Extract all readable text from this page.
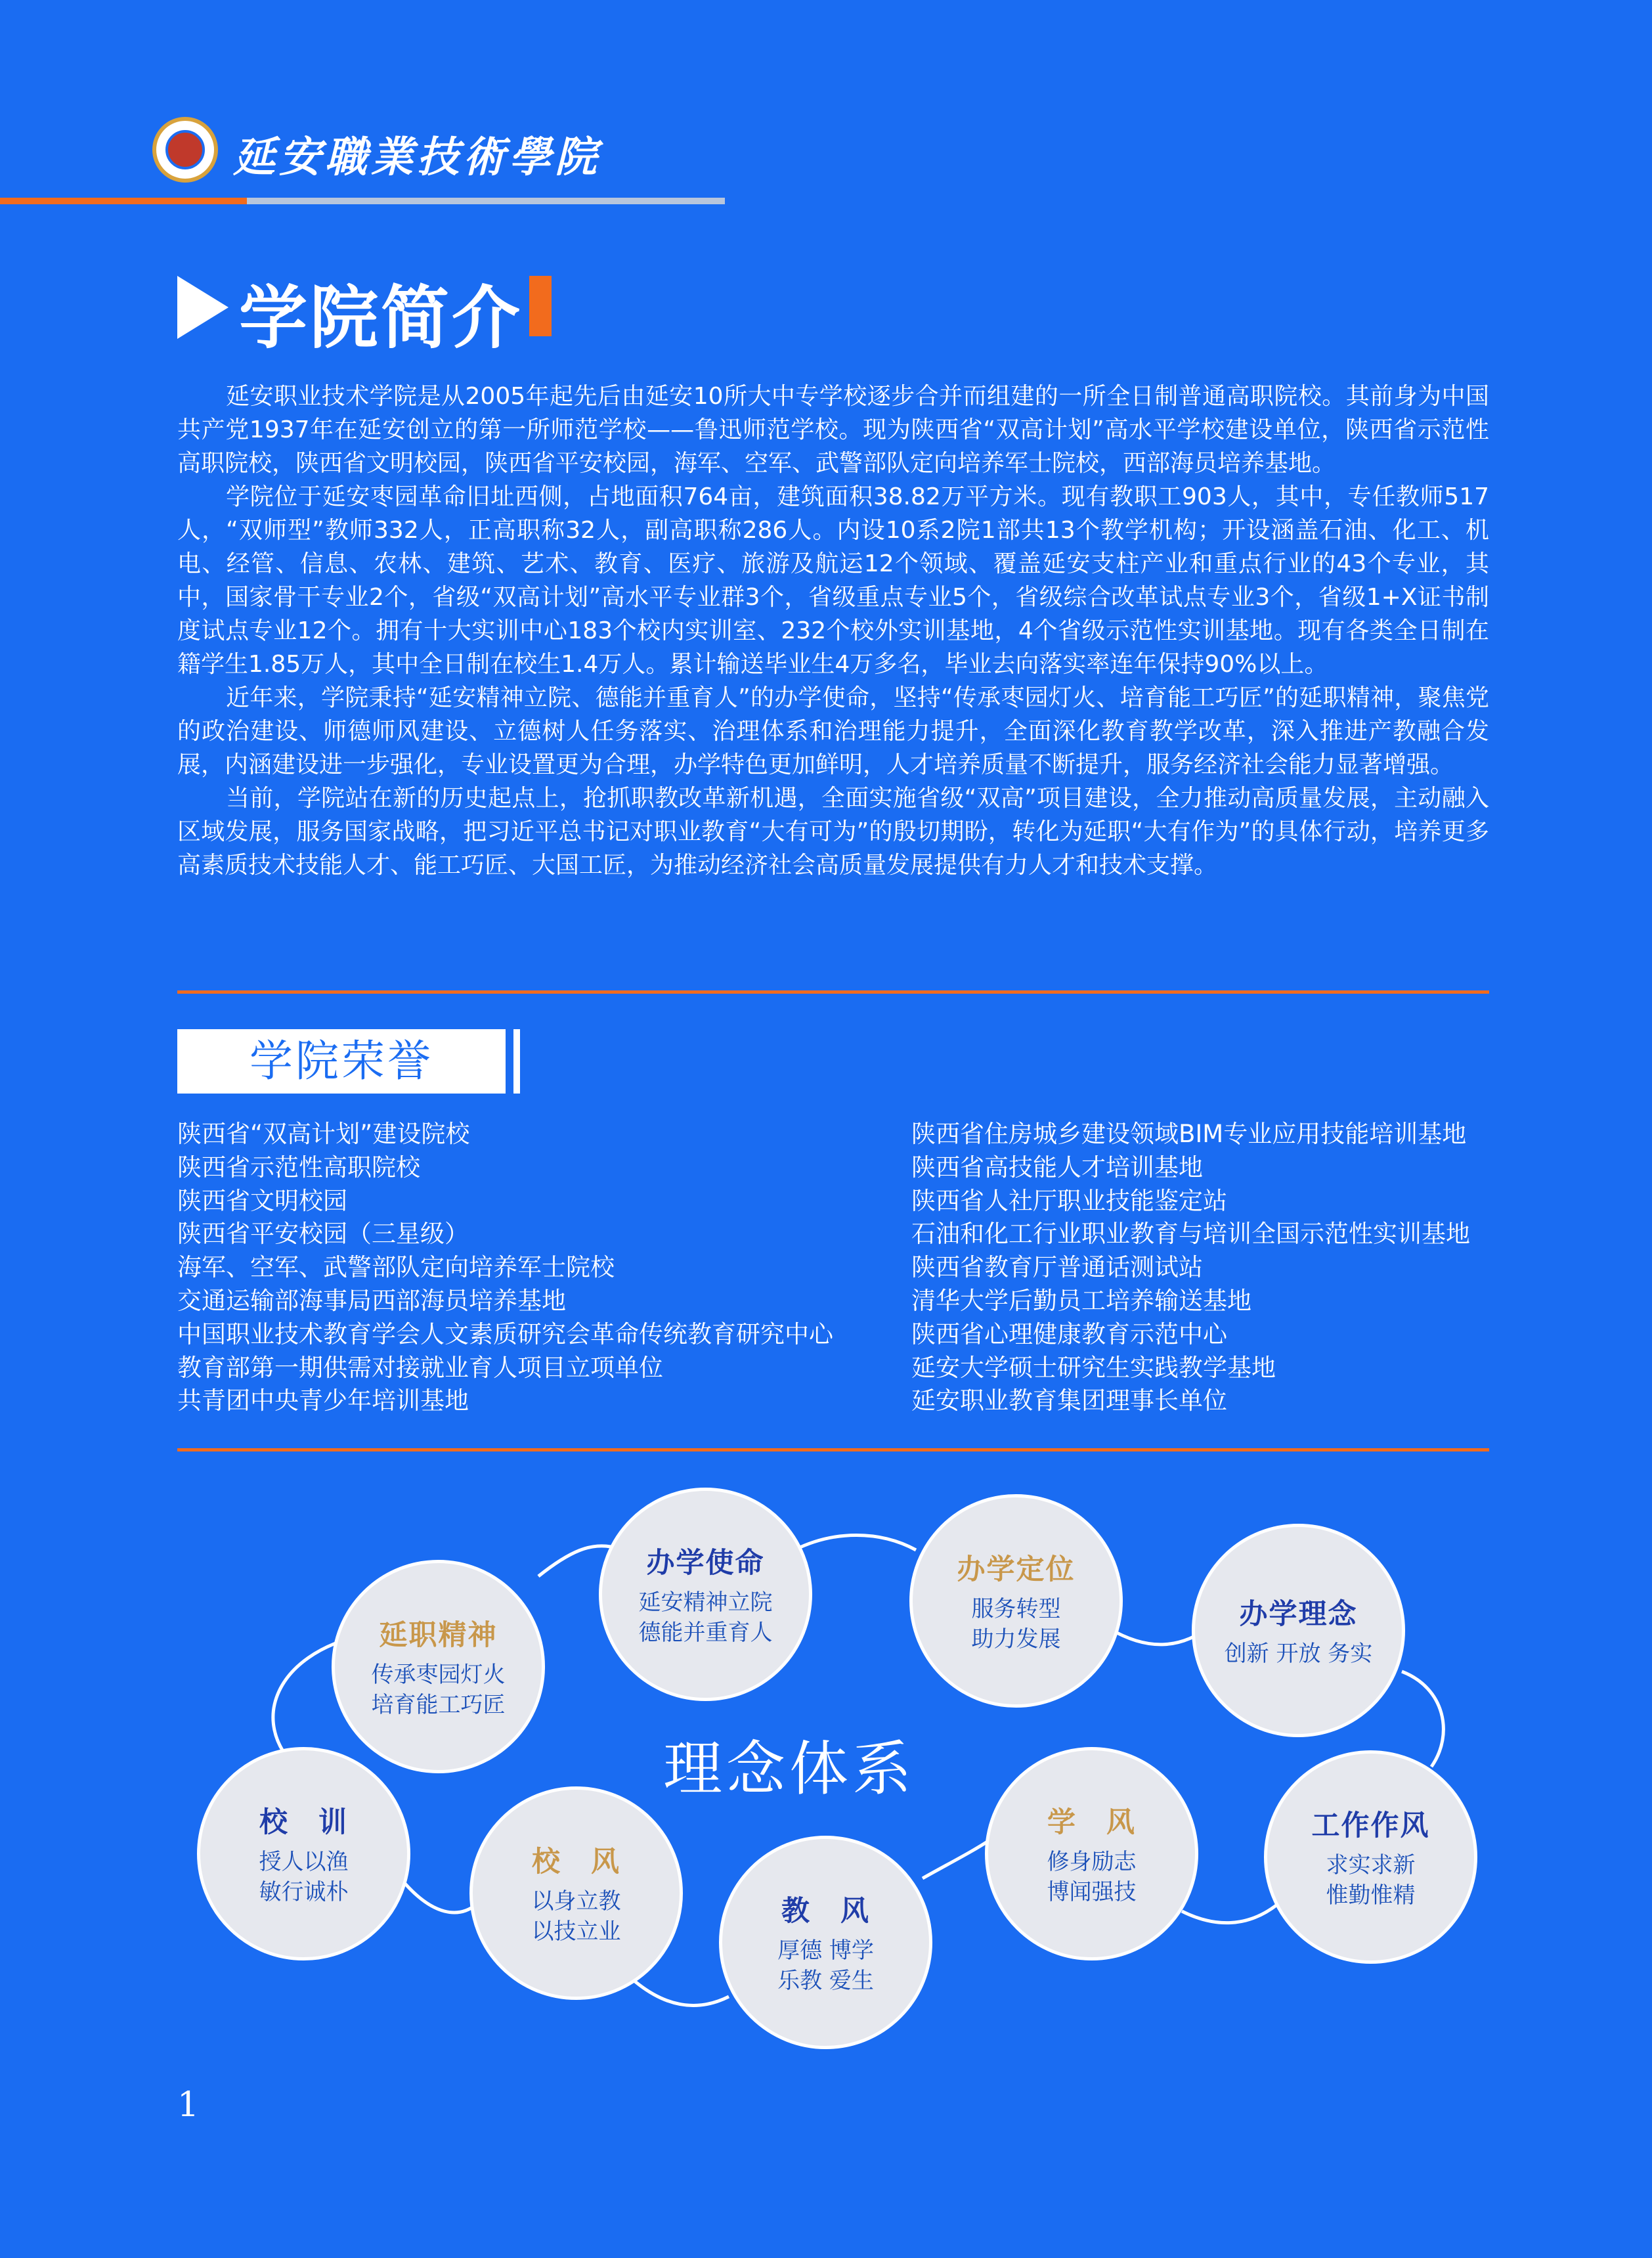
延安職業技術學院
学院简介

延安职业技术学院是从2005年起先后由延安10所大中专学校逐步合并而组建的一所全日制普通高职院校。其前身为中国共产党1937年在延安创立的第一所师范学校——鲁迅师范学校。现为陕西省“双高计划”高水平学校建设单位，陕西省示范性高职院校，陕西省文明校园，陕西省平安校园，海军、空军、武警部队定向培养军士院校，西部海员培养基地。

学院位于延安枣园革命旧址西侧，占地面积764亩，建筑面积38.82万平方米。现有教职工903人，其中，专任教师517人，“双师型”教师332人，正高职称32人，副高职称286人。内设10系2院1部共13个教学机构；开设涵盖石油、化工、机电、经管、信息、农林、建筑、艺术、教育、医疗、旅游及航运12个领域、覆盖延安支柱产业和重点行业的43个专业，其中，国家骨干专业2个，省级“双高计划”高水平专业群3个，省级重点专业5个，省级综合改革试点专业3个，省级1+X证书制度试点专业12个。拥有十大实训中心183个校内实训室、232个校外实训基地，4个省级示范性实训基地。现有各类全日制在籍学生1.85万人，其中全日制在校生1.4万人。累计输送毕业生4万多名，毕业去向落实率连年保持90%以上。

近年来，学院秉持“延安精神立院、德能并重育人”的办学使命，坚持“传承枣园灯火、培育能工巧匠”的延职精神，聚焦党的政治建设、师德师风建设、立德树人任务落实、治理体系和治理能力提升，全面深化教育教学改革，深入推进产教融合发展，内涵建设进一步强化，专业设置更为合理，办学特色更加鲜明，人才培养质量不断提升，服务经济社会能力显著增强。

当前，学院站在新的历史起点上，抢抓职教改革新机遇，全面实施省级“双高”项目建设，全力推动高质量发展，主动融入区域发展，服务国家战略，把习近平总书记对职业教育“大有可为”的殷切期盼，转化为延职“大有作为”的具体行动，培养更多高素质技术技能人才、能工巧匠、大国工匠，为推动经济社会高质量发展提供有力人才和技术支撑。

学院荣誉
陕西省“双高计划”建设院校
陕西省示范性高职院校
陕西省文明校园
陕西省平安校园（三星级）
海军、空军、武警部队定向培养军士院校
交通运输部海事局西部海员培养基地
中国职业技术教育学会人文素质研究会革命传统教育研究中心
教育部第一期供需对接就业育人项目立项单位
共青团中央青少年培训基地
陕西省住房城乡建设领域BIM专业应用技能培训基地
陕西省高技能人才培训基地
陕西省人社厅职业技能鉴定站
石油和化工行业职业教育与培训全国示范性实训基地
陕西省教育厅普通话测试站
清华大学后勤员工培养输送基地
陕西省心理健康教育示范中心
延安大学硕士研究生实践教学基地
延安职业教育集团理事长单位
延职精神
传承枣园灯火
培育能工巧匠
办学使命
延安精神立院
德能并重育人
办学定位
服务转型
助力发展
办学理念
创新 开放 务实
校　训
授人以渔
敏行诚朴
校　风
以身立教
以技立业
教　风
厚德 博学
乐教 爱生
学　风
修身励志
博闻强技
工作作风
求实求新
惟勤惟精
理念体系
1
